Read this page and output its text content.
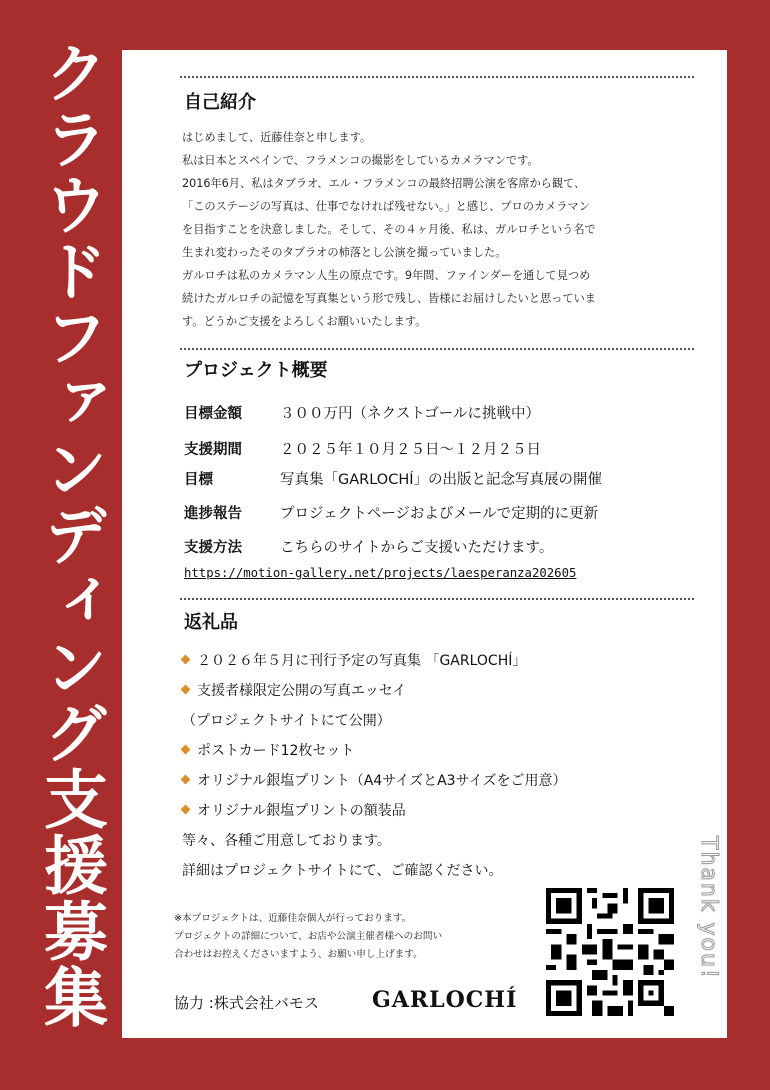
クラウドファンディング支援募集	自己紹介
はじめまして、近藤佳奈と申します。
私は日本とスペインで、フラメンコの撮影をしているカメラマンです。
2016年6月、私はタブラオ、エル・フラメンコの最終招聘公演を客席から観て、
「このステージの写真は、仕事でなければ残せない。」と感じ、プロのカメラマン
を目指すことを決意しました。そして、その４ヶ月後、私は、ガルロチという名で
生まれ変わったそのタブラオの柿落とし公演を撮っていました。
ガルロチは私のカメラマン人生の原点です。9年間、ファインダーを通して見つめ
続けたガルロチの記憶を写真集という形で残し、皆様にお届けしたいと思っていま
す。どうかご支援をよろしくお願いいたします。
プロジェクト概要
目標金額	３００万円（ネクストゴールに挑戦中）
支援期間	２０２５年１０月２５日〜１２月２５日
目標	写真集「GARLOCHÍ」の出版と記念写真展の開催
進捗報告	プロジェクトページおよびメールで定期的に更新
支援方法	こちらのサイトからご支援いただけます。
https://motion-gallery.net/projects/laesperanza202605
返礼品
２０２６年５月に刊行予定の写真集 「GARLOCHÍ」
支援者様限定公開の写真エッセイ
（プロジェクトサイトにて公開）
ポストカード12枚セット
オリジナル銀塩プリント（A4サイズとA3サイズをご用意）
オリジナル銀塩プリントの額装品
等々、各種ご用意しております。
詳細はプロジェクトサイトにて、ご確認ください。
※本プロジェクトは、近藤佳奈個人が行っております。
プロジェクトの詳細について、お店や公演主催者様へのお問い
合わせはお控えくださいますよう、お願い申し上げます。
協力 :株式会社バモス GARLOCHÍ
Thank you!
